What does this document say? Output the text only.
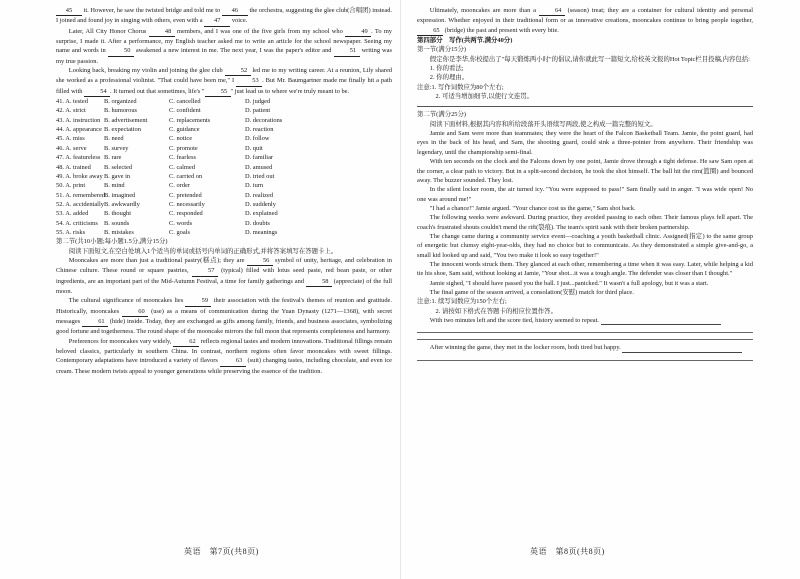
45 it. However, he saw the twisted bridge and told me to 46 the orchestra, suggesting the glee club(合唱团) instead. I joined and found joy in singing with others, even with a 47 voice.

Later, All City Honor Chorus	48 members, and I was one of the five girls from my school who	49 . To my surprise, I made it. After a performance, my English teacher asked me to write an article for the school newspaper. Seeing my name and words in	50 awakened a new interest in me. The next year, I was the paper's editor and	51 writing was my true passion.

Looking back, breaking my violin and joining the glee club	52 led me to my writing career. At a reunion, Lily shared she worked as a professional violinist. "That could have been me," I	53 . But Mr. Baumgartner made me finally hit a path filled with	54 . It turned out that sometimes, life's "	55 " just lead us to where we're truly meant to be.

41. A. tested	B. organized	C. cancelled	D. judged
42. A. strict	B. humorous	C. confident	D. patient
43. A. instruction B. advertisement	C. replacements	D. decorations
44. A. appearance B. expectation	C. guidance	D. reaction
45. A. miss	B. need	C. notice	D. follow
46. A. serve	B. survey	C. promote	D. quit
47. A. featureless B. rare	C. fearless	D. familiar
48. A. trained	B. selected	C. calmed	D. amused
49. A. broke away B. gave in	C. carried on	D. tried out
50. A. print	B. mind	C. order	D. turn
51. A. remembered B. imagined	C. pretended	D. realized
52. A. accidentally B. awkwardly	C. necessarily	D. suddenly
53. A. added	B. thought	C. responded	D. explained
54. A. criticisms B. sounds	C. words	D. doubts
55. A. risks	B. mistakes	C. goals	D. meanings

第二节(共10小题;每小题1.5分,满分15分)

阅读下面短文,在空白处填入1个适当的单词或括号内单词的正确形式,并将答案填写在答题卡上。

Mooncakes are more than just a traditional pastry(糕点); they are	56 symbol of unity, heritage, and celebration in Chinese culture. These round or square pastries,	57 (typical) filled with lotus seed paste, red bean paste, or other ingredients, are an important part of the Mid-Autumn Festival, a time for family gatherings and	58 (appreciate) of the full moon.

The cultural significance of mooncakes lies	59 their association with the festival's themes of reunion and gratitude. Historically, mooncakes	60 (use) as a means of communication during the Yuan Dynasty (1271—1368), with secret messages	61 (hide) inside. Today, they are exchanged as gifts among family, friends, and business associates, symbolizing good fortune and togetherness. The round shape of the mooncake mirrors the full moon that represents completeness and harmony.

Preferences for mooncakes vary widely,	62 reflects regional tastes and modern innovations. Traditional fillings remain beloved classics, particularly in southern China. In contrast, northern regions often favor mooncakes with sweet fillings. Contemporary adaptations have introduced a variety of flavors	63 (suit) changing tastes, including chocolate, and even ice cream. These modern twists appeal to younger generations while preserving the essence of the tradition.

英语　第7页(共8页)

Ultimately, mooncakes are more than a	64 (season) treat; they are a container for cultural identity and personal expression. Whether enjoyed in their traditional form or as innovative creations, mooncakes continue to bring people together, 65 (bridge) the past and present with every bite.

第四部分　写作(共两节,满分40分)

第一节(满分15分)

假定你是李华,你校提出了"每天锻炼两小时"的倡议,请你就此写一篇短文,给校英文报的Hot Topic栏目投稿,内容包括:

1. 你的看法;

2. 你的理由。

注意:1. 写作词数应为80个左右;

2. 可适当增加细节,以使行文连贯。

第二节(满分25分)

阅读下面材料,根据其内容和所给段落开头语续写两段,使之构成一篇完整的短文。

Jamie and Sam were more than teammates; they were the heart of the Falcon Basketball Team. Jamie, the point guard, had eyes in the back of his head, and Sam, the shooting guard, could sink a three-pointer from anywhere. Their friendship was legendary, until the championship semi-final.

With ten seconds on the clock and the Falcons down by one point, Jamie drove through a tight defense. He saw Sam open at the corner, a clear path to victory. But in a split-second decision, he took the shot himself. The ball hit the rim(篮圈) and bounced away. The buzzer sounded. They lost.

In the silent locker room, the air turned icy. "You were supposed to pass!" Sam finally said in anger. "I was wide open! No one was around me!"

"I had a chance!" Jamie argued. "Your chance cost us the game," Sam shot back.

The following weeks were awkward. During practice, they avoided passing to each other. Their famous plays fell apart. The coach's frustrated shouts couldn't mend the rift(裂痕). The team's spirit sank with their broken partnership.

The change came during a community service event—coaching a youth basketball clinic. Assigned(指定) to the same group of energetic but clumsy eight-year-olds, they had no choice but to communicate. As they demonstrated a simple give-and-go, a small kid looked up and said, "You two make it look so easy together!"

The innocent words struck them. They glanced at each other, remembering a time when it was easy. Later, while helping a kid tie his shoe, Sam said, without looking at Jamie, "Your shot...it was a tough angle. The defender was closer than I thought."

Jamie sighed, "I should have passed you the ball. I just...panicked." It wasn't a full apology, but it was a start.

The final game of the season arrived, a consolation(安慰) match for third place.

注意:1. 续写词数应为150个左右;

2. 请按如下格式在答题卡的相应位置作答。

With two minutes left and the score tied, history seemed to repeat.

After winning the game, they met in the locker room, both tired but happy.

英语　第8页(共8页)
